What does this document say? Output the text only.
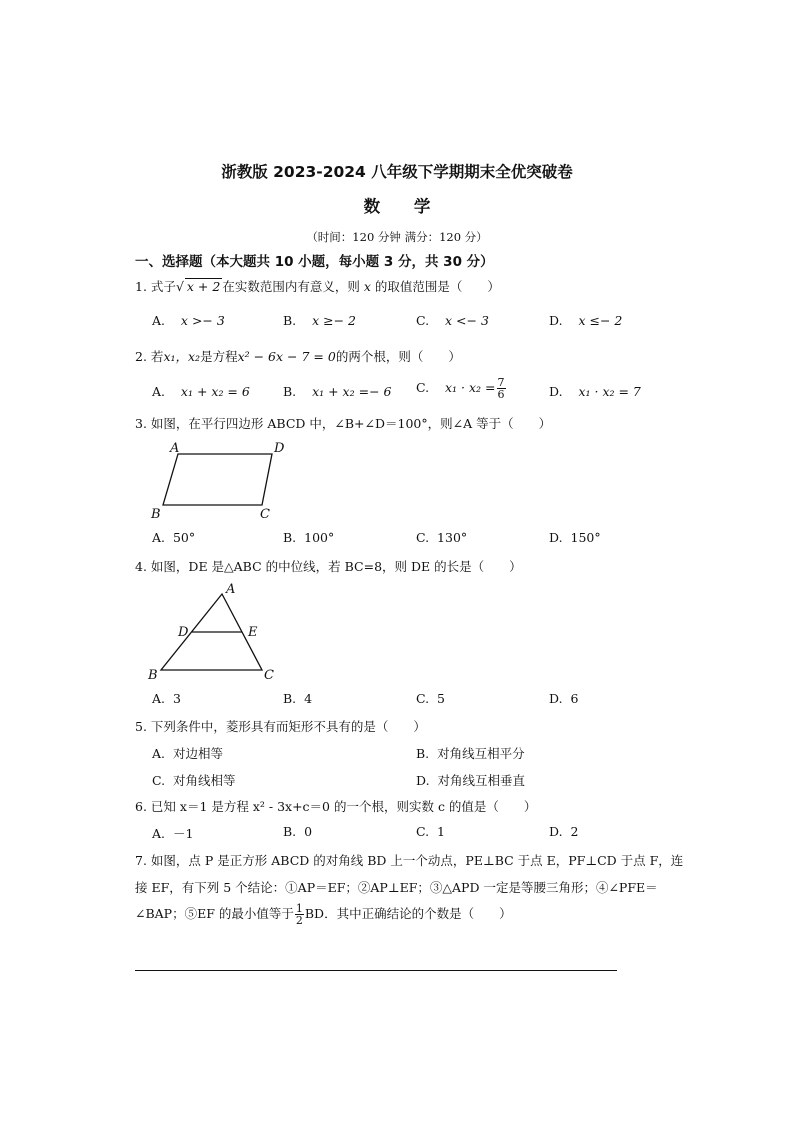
浙教版 2023-2024 八年级下学期期末全优突破卷
数 学
（时间：120 分钟 满分：120 分）
一、选择题（本大题共 10 小题，每小题 3 分，共 30 分）
1. 式子√ x + 2 在实数范围内有意义，则 x 的取值范围是（　　）
A. x >− 3	B. x ≥− 2	C. x <− 3	D. x ≤− 2
2. 若x₁，x₂是方程x² − 6x − 7 = 0的两个根，则（　　）
A. x₁ + x₂ = 6	B. x₁ + x₂ =− 6 C. $x_1 \cdot x_2 = \frac{7}{6}$	D. x₁ · x₂ = 7
3. 如图，在平行四边形 ABCD 中，∠B+∠D＝100°，则∠A 等于（　　）
A	D
B	C
A. 50°	B. 100°	C. 130°	D. 150°
4. 如图，DE 是△ABC 的中位线，若 BC=8，则 DE 的长是（　　）
A
D	E
B	C
A. 3	B. 4	C. 5	D. 6
5. 下列条件中，菱形具有而矩形不具有的是（　　）
A. 对边相等	B. 对角线互相平分
C. 对角线相等	D. 对角线互相垂直
6. 已知 x＝1 是方程 x² - 3x+c＝0 的一个根，则实数 c 的值是（　　）
A. －1	B. 0	C. 1	D. 2
7. 如图，点 P 是正方形 ABCD 的对角线 BD 上一个动点，PE⊥BC 于点 E，PF⊥CD 于点 F，连
接 EF，有下列 5 个结论：①AP＝EF；②AP⊥EF；③△APD 一定是等腰三角形；④∠PFE＝
∠BAP；⑤EF 的最小值等于 $\frac{1}{2}$ BD．其中正确结论的个数是（　　）
